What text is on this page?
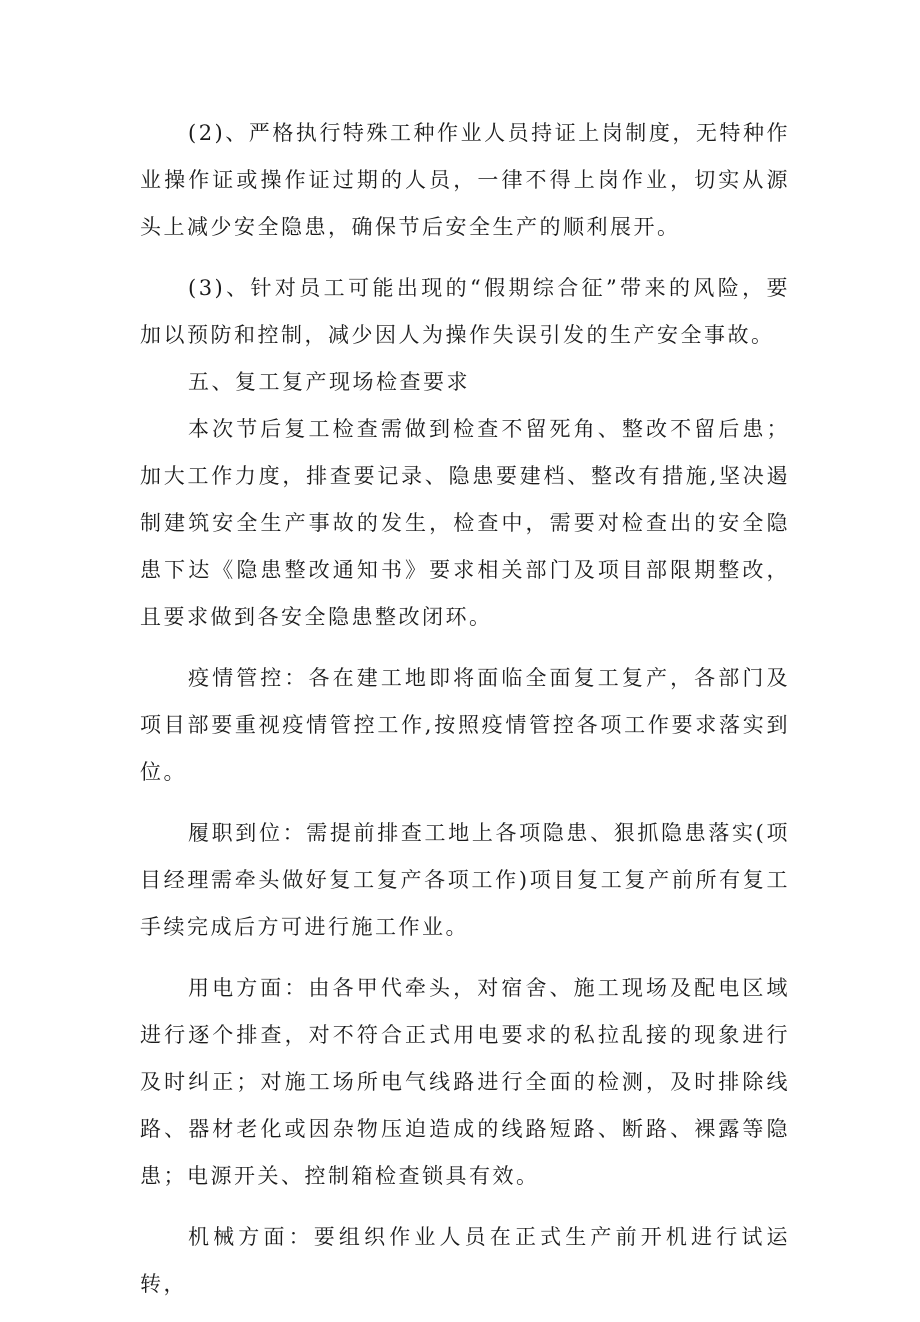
(2)、严格执行特殊工种作业人员持证上岗制度，无特种作业操作证或操作证过期的人员，一律不得上岗作业，切实从源头上减少安全隐患，确保节后安全生产的顺利展开。

(3)、针对员工可能出现的“假期综合征”带来的风险，要加以预防和控制，减少因人为操作失误引发的生产安全事故。

五、复工复产现场检查要求

本次节后复工检查需做到检查不留死角、整改不留后患；加大工作力度，排查要记录、隐患要建档、整改有措施,坚决遏制建筑安全生产事故的发生，检查中，需要对检查出的安全隐患下达《隐患整改通知书》要求相关部门及项目部限期整改，且要求做到各安全隐患整改闭环。

疫情管控：各在建工地即将面临全面复工复产，各部门及项目部要重视疫情管控工作,按照疫情管控各项工作要求落实到位。

履职到位：需提前排查工地上各项隐患、狠抓隐患落实(项目经理需牵头做好复工复产各项工作)项目复工复产前所有复工手续完成后方可进行施工作业。

用电方面：由各甲代牵头，对宿舍、施工现场及配电区域进行逐个排查，对不符合正式用电要求的私拉乱接的现象进行及时纠正；对施工场所电气线路进行全面的检测，及时排除线路、器材老化或因杂物压迫造成的线路短路、断路、裸露等隐患；电源开关、控制箱检查锁具有效。

机械方面：要组织作业人员在正式生产前开机进行试运转，
